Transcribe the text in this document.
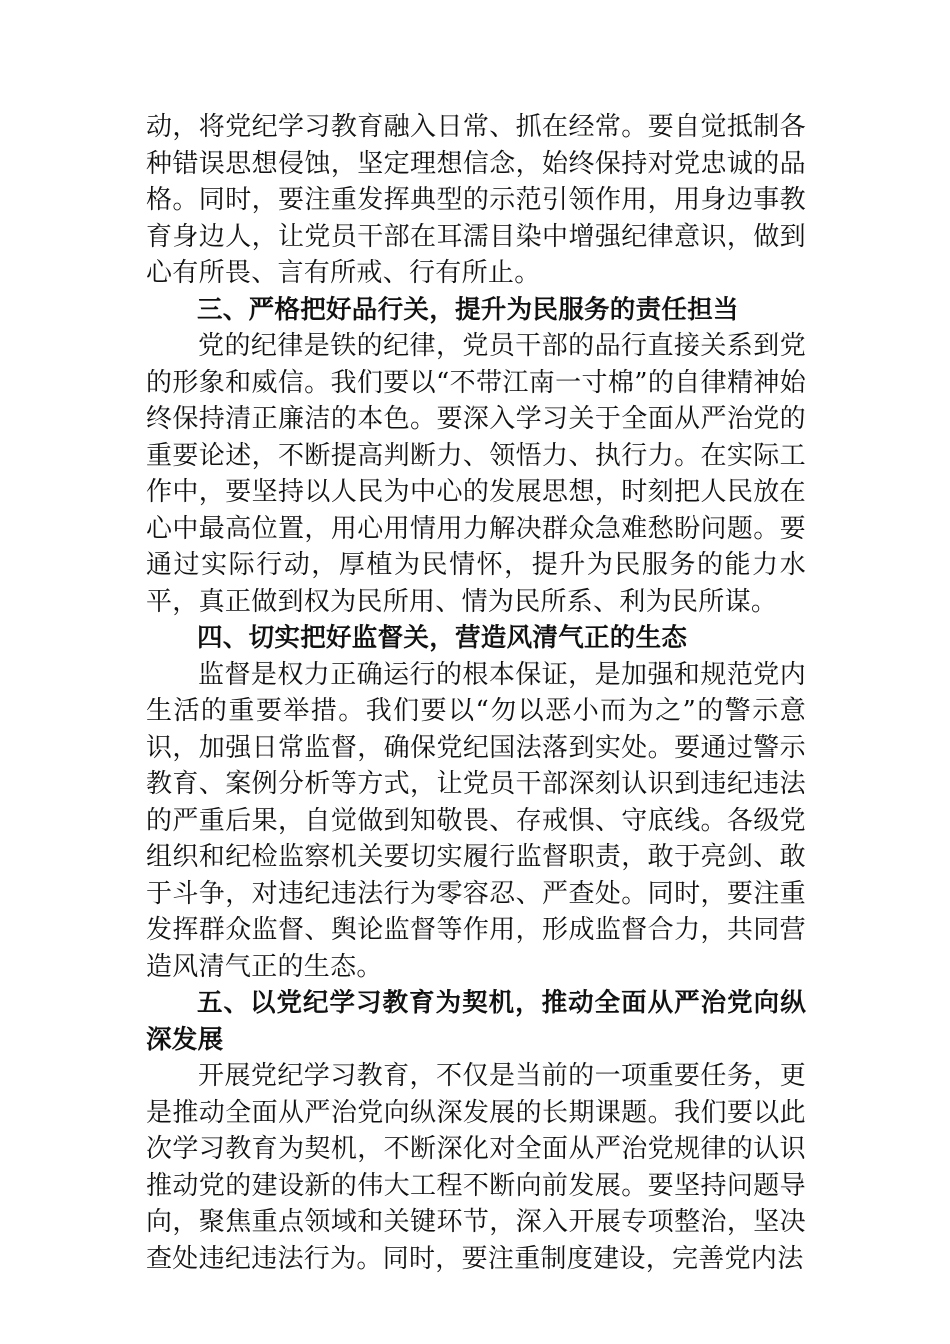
动，将党纪学习教育融入日常、抓在经常。要自觉抵制各种错误思想侵蚀，坚定理想信念，始终保持对党忠诚的品格。同时，要注重发挥典型的示范引领作用，用身边事教育身边人，让党员干部在耳濡目染中增强纪律意识，做到心有所畏、言有所戒、行有所止。

三、严格把好品行关，提升为民服务的责任担当

党的纪律是铁的纪律，党员干部的品行直接关系到党的形象和威信。我们要以“不带江南一寸棉”的自律精神始终保持清正廉洁的本色。要深入学习关于全面从严治党的重要论述，不断提高判断力、领悟力、执行力。在实际工作中，要坚持以人民为中心的发展思想，时刻把人民放在心中最高位置，用心用情用力解决群众急难愁盼问题。要通过实际行动，厚植为民情怀，提升为民服务的能力水平，真正做到权为民所用、情为民所系、利为民所谋。

四、切实把好监督关，营造风清气正的生态

监督是权力正确运行的根本保证，是加强和规范党内生活的重要举措。我们要以“勿以恶小而为之”的警示意识，加强日常监督，确保党纪国法落到实处。要通过警示教育、案例分析等方式，让党员干部深刻认识到违纪违法的严重后果，自觉做到知敬畏、存戒惧、守底线。各级党组织和纪检监察机关要切实履行监督职责，敢于亮剑、敢于斗争，对违纪违法行为零容忍、严查处。同时，要注重发挥群众监督、舆论监督等作用，形成监督合力，共同营造风清气正的生态。

五、以党纪学习教育为契机，推动全面从严治党向纵深发展

开展党纪学习教育，不仅是当前的一项重要任务，更是推动全面从严治党向纵深发展的长期课题。我们要以此次学习教育为契机，不断深化对全面从严治党规律的认识推动党的建设新的伟大工程不断向前发展。要坚持问题导向，聚焦重点领域和关键环节，深入开展专项整治，坚决查处违纪违法行为。同时，要注重制度建设，完善党内法
